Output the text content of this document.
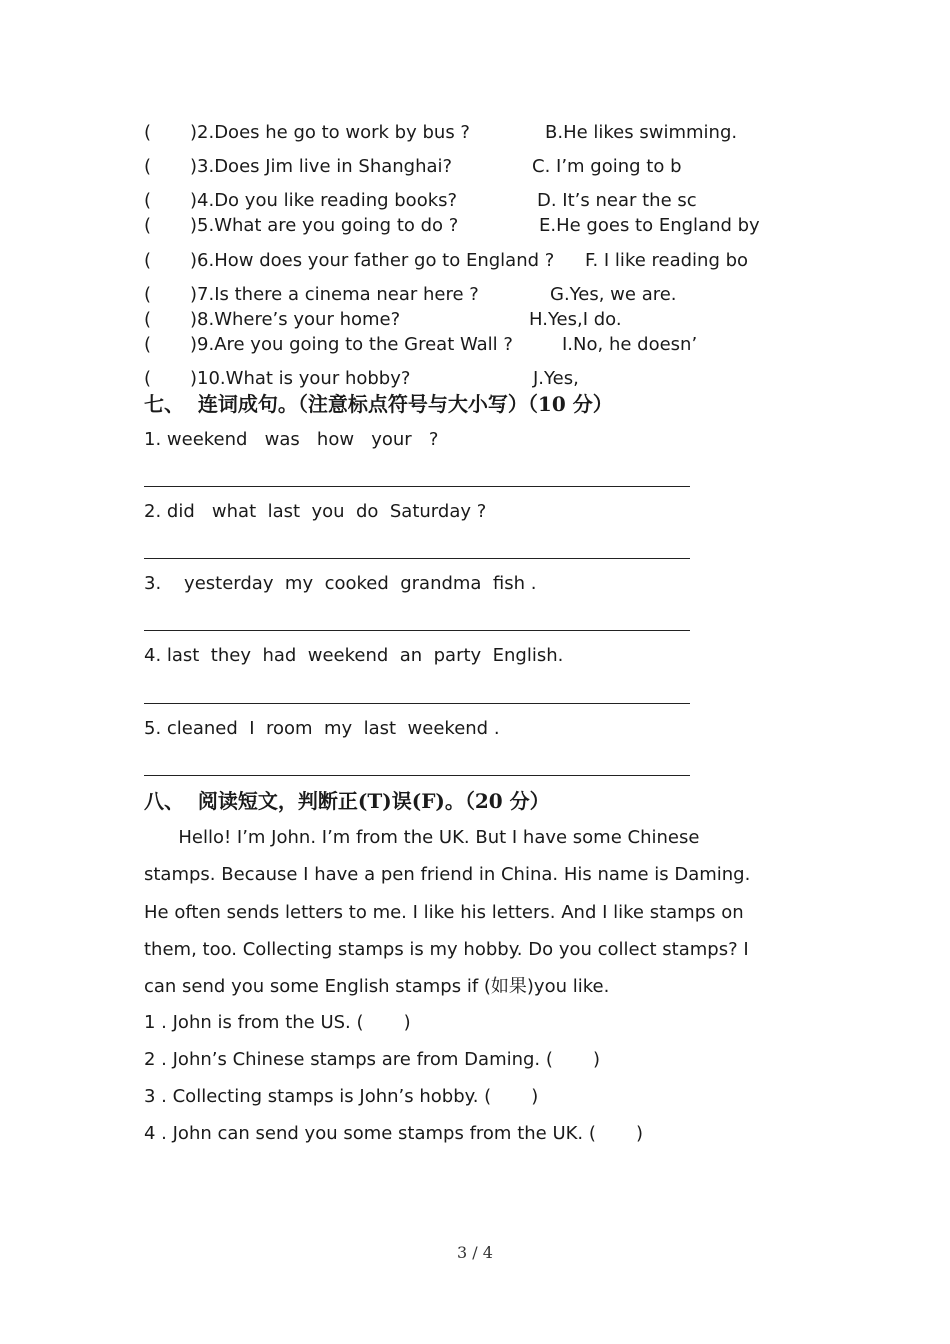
( )2.Does he go to work by bus ?	B.He likes swimming.
( )3.Does Jim live in Shanghai?	C. I’m going to b
( )4.Do you like reading books?	D. It’s near the sc
( )5.What are you going to do ?	E.He goes to England by
( )6.How does your father go to England ? F. I like reading bo
( )7.Is there a cinema near here ?	G.Yes, we are.
( )8.Where’s your home?	H.Yes,I do.
( )9.Are you going to the Great Wall ?	I.No, he doesn’
( )10.What is your hobby?	J.Yes,
七、  连词成句。（注意标点符号与大小写）（10 分）
1. weekend   was   how   your   ?
2. did   what  last  you  do  Saturday ?
3.    yesterday  my  cooked  grandma  fish .
4. last  they  had  weekend  an  party  English.
5. cleaned  I  room  my  last  weekend .
八、  阅读短文，判断正(T)误(F)。（20 分）

Hello! I’m John. I’m from the UK. But I have some Chinese

stamps. Because I have a pen friend in China. His name is Daming.

He often sends letters to me. I like his letters. And I like stamps on

them, too. Collecting stamps is my hobby. Do you collect stamps? I

can send you some English stamps if (如果)you like.

1 . John is from the US. (       )
2 . John’s Chinese stamps are from Daming. (       )
3 . Collecting stamps is John’s hobby. (       )
4 . John can send you some stamps from the UK. (       )
3 / 4
